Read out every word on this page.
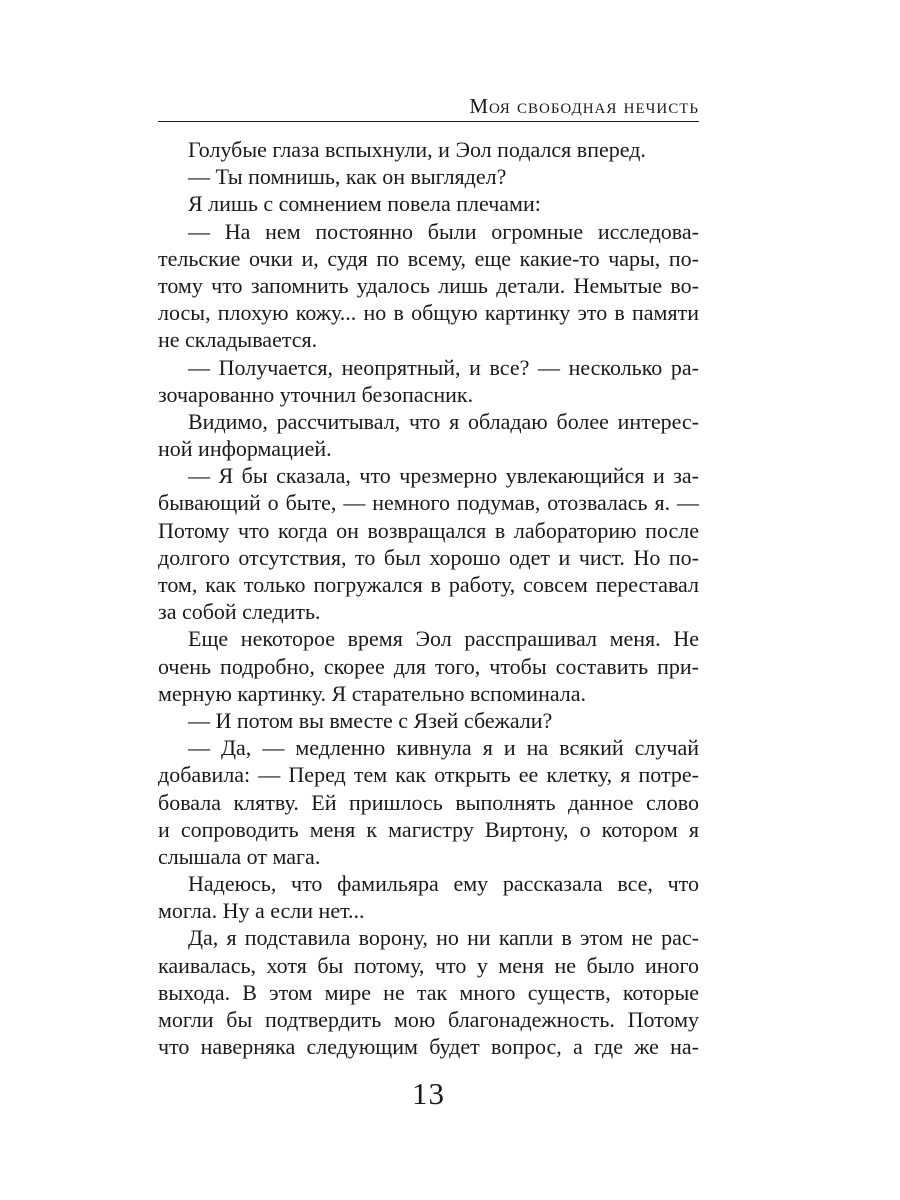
Моя свободная нечисть
Голубые глаза вспыхнули, и Эол подался вперед.
— Ты помнишь, как он выглядел?
Я лишь с сомнением повела плечами:
— На нем постоянно были огромные исследова-
тельские очки и, судя по всему, еще какие-то чары, по-
тому что запомнить удалось лишь детали. Немытые во-
лосы, плохую кожу... но в общую картинку это в памяти
не складывается.
— Получается, неопрятный, и все? — несколько ра-
зочарованно уточнил безопасник.
Видимо, рассчитывал, что я обладаю более интерес-
ной информацией.
— Я бы сказала, что чрезмерно увлекающийся и за-
бывающий о быте, — немного подумав, отозвалась я. —
Потому что когда он возвращался в лабораторию после
долгого отсутствия, то был хорошо одет и чист. Но по-
том, как только погружался в работу, совсем переставал
за собой следить.
Еще некоторое время Эол расспрашивал меня. Не
очень подробно, скорее для того, чтобы составить при-
мерную картинку. Я старательно вспоминала.
— И потом вы вместе с Язей сбежали?
— Да, — медленно кивнула я и на всякий случай
добавила: — Перед тем как открыть ее клетку, я потре-
бовала клятву. Ей пришлось выполнять данное слово
и сопроводить меня к магистру Виртону, о котором я
слышала от мага.
Надеюсь, что фамильяра ему рассказала все, что
могла. Ну а если нет...
Да, я подставила ворону, но ни капли в этом не рас-
каивалась, хотя бы потому, что у меня не было иного
выхода. В этом мире не так много существ, которые
могли бы подтвердить мою благонадежность. Потому
что наверняка следующим будет вопрос, а где же на-
13
